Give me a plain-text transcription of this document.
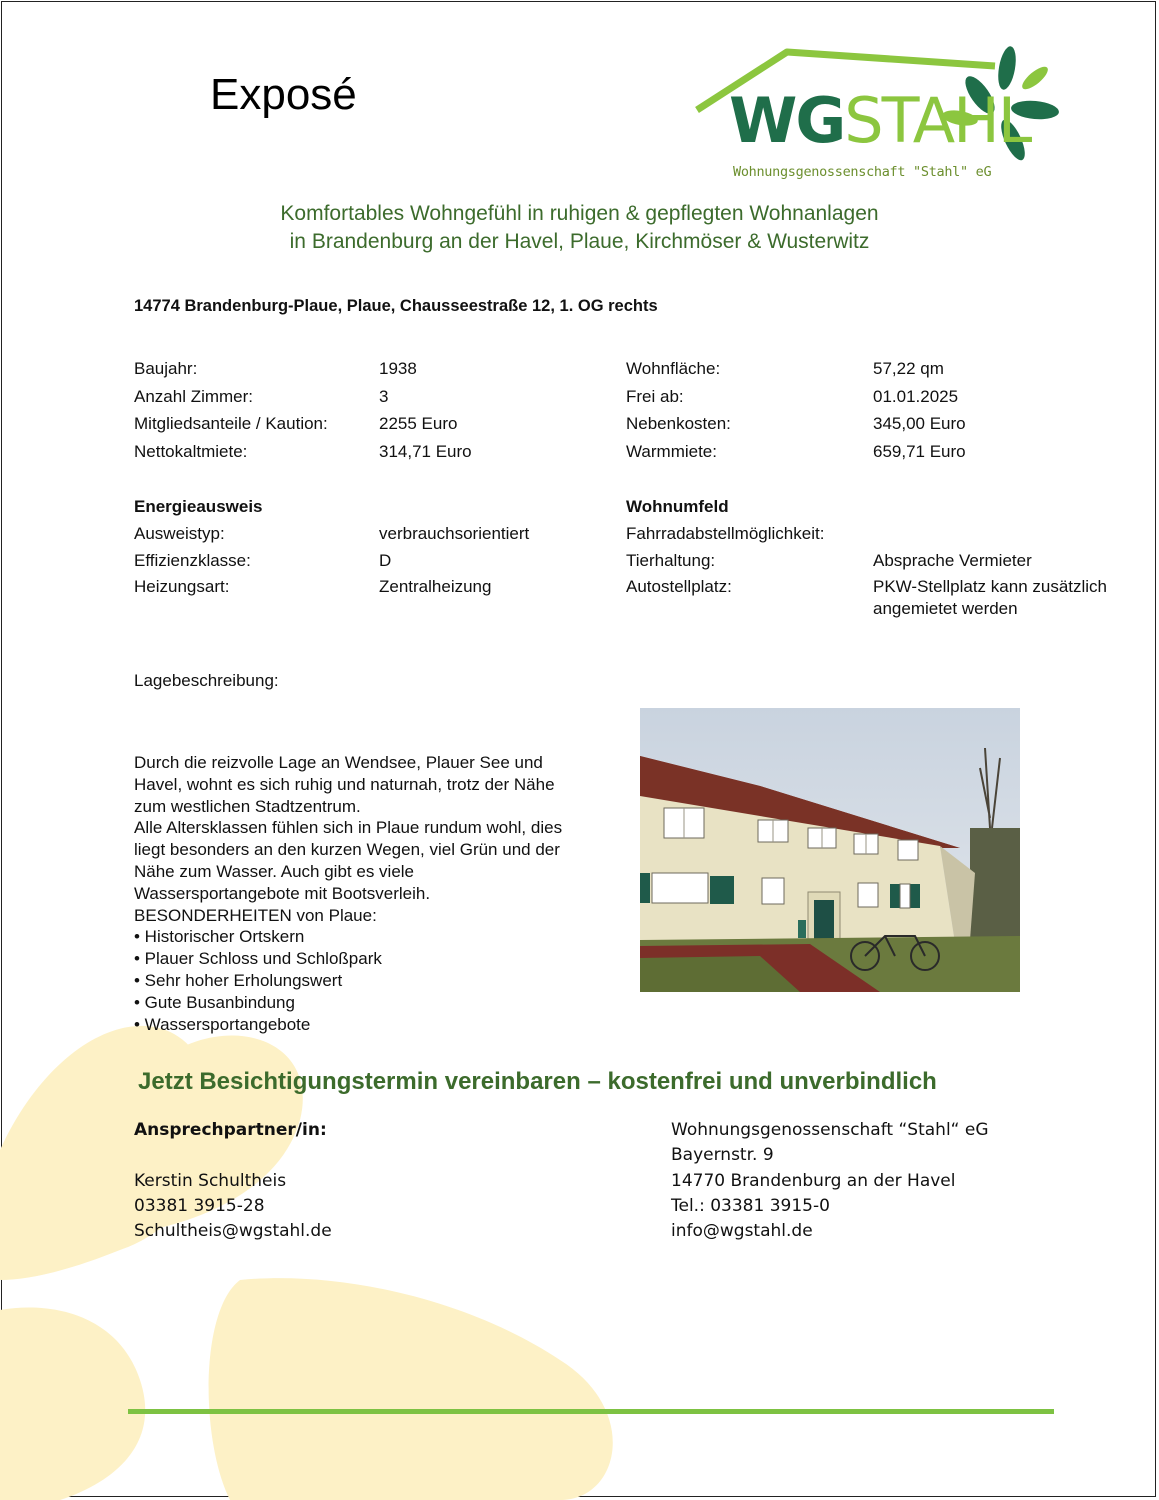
Exposé	WGSTAHL
Wohnungsgenossenschaft "Stahl" eG
Komfortables Wohngefühl in ruhigen & gepflegten Wohnanlagen
in Brandenburg an der Havel, Plaue, Kirchmöser & Wusterwitz
14774 Brandenburg-Plaue, Plaue, Chausseestraße 12, 1. OG rechts
Baujahr:	1938	Wohnfläche:	57,22 qm
Anzahl Zimmer:	3	Frei ab:	01.01.2025
Mitgliedsanteile / Kaution:	2255 Euro	Nebenkosten:	345,00 Euro
Nettokaltmiete:	314,71 Euro	Warmmiete:	659,71 Euro
Energieausweis
Ausweistyp:	verbrauchsorientiert
Effizienzklasse:	D
Heizungsart:	Zentralheizung
Wohnumfeld
Fahrradabstellmöglichkeit:
Tierhaltung:	Absprache Vermieter
Autostellplatz:	PKW-Stellplatz kann zusätzlich
angemietet werden
Lagebeschreibung:

Durch die reizvolle Lage an Wendsee, Plauer See und

Havel, wohnt es sich ruhig und naturnah, trotz der Nähe

zum westlichen Stadtzentrum.

Alle Altersklassen fühlen sich in Plaue rundum wohl, dies

liegt besonders an den kurzen Wegen, viel Grün und der

Nähe zum Wasser. Auch gibt es viele

Wassersportangebote mit Bootsverleih.

BESONDERHEITEN von Plaue:

• Historischer Ortskern

• Plauer Schloss und Schloßpark

• Sehr hoher Erholungswert

• Gute Busanbindung

• Wassersportangebote

Jetzt Besichtigungstermin vereinbaren – kostenfrei und unverbindlich
Ansprechpartner/in:

Kerstin Schultheis
03381 3915-28
Schultheis@wgstahl.de
Wohnungsgenossenschaft “Stahl“ eG
Bayernstr. 9
14770 Brandenburg an der Havel
Tel.: 03381 3915-0
info@wgstahl.de
